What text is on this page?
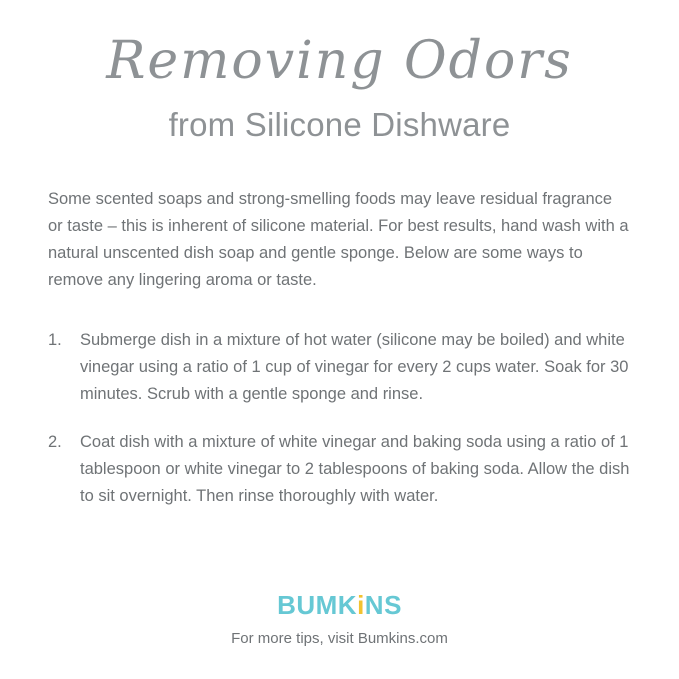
Removing Odors
from Silicone Dishware

Some scented soaps and strong-smelling foods may leave residual fragrance or taste – this is inherent of silicone material. For best results, hand wash with a natural unscented dish soap and gentle sponge. Below are some ways to remove any lingering aroma or taste.

1. Submerge dish in a mixture of hot water (silicone may be boiled) and white vinegar using a ratio of 1 cup of vinegar for every 2 cups water. Soak for 30 minutes. Scrub with a gentle sponge and rinse.
2. Coat dish with a mixture of white vinegar and baking soda using a ratio of 1 tablespoon or white vinegar to 2 tablespoons of baking soda. Allow the dish to sit overnight. Then rinse thoroughly with water.
BUMKiNS
For more tips, visit Bumkins.com
